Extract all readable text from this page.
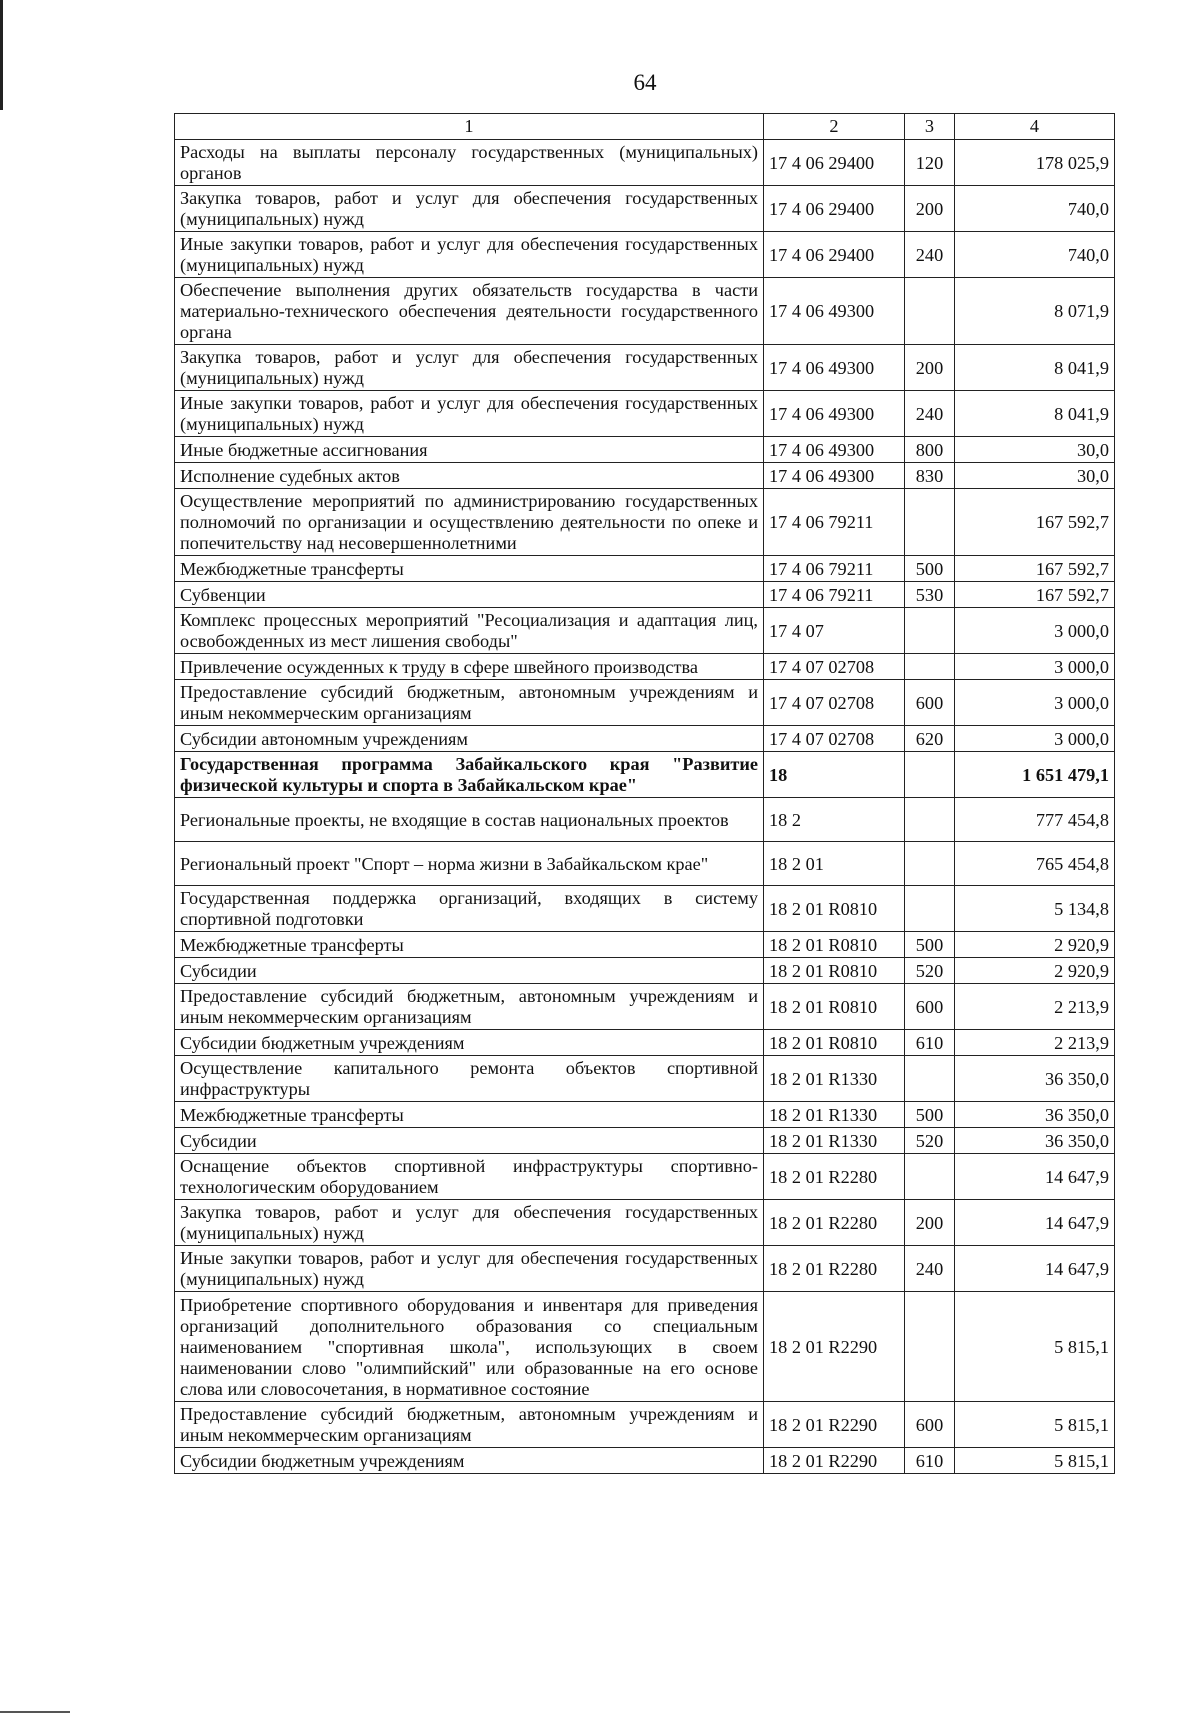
64
1	2	3	4
Расходы на выплаты персоналу государственных (муниципальных) органов	17 4 06 29400	120	178 025,9
Закупка товаров, работ и услуг для обеспечения государственных (муниципальных) нужд	17 4 06 29400	200	740,0
Иные закупки товаров, работ и услуг для обеспечения государственных (муниципальных) нужд	17 4 06 29400	240	740,0
Обеспечение выполнения других обязательств государства в части материально-технического обеспечения деятельности государственного органа	17 4 06 49300		8 071,9
Закупка товаров, работ и услуг для обеспечения государственных (муниципальных) нужд	17 4 06 49300	200	8 041,9
Иные закупки товаров, работ и услуг для обеспечения государственных (муниципальных) нужд	17 4 06 49300	240	8 041,9
Иные бюджетные ассигнования	17 4 06 49300	800	30,0
Исполнение судебных актов	17 4 06 49300	830	30,0
Осуществление мероприятий по администрированию государственных полномочий по организации и осуществлению деятельности по опеке и попечительству над несовершеннолетними	17 4 06 79211		167 592,7
Межбюджетные трансферты	17 4 06 79211	500	167 592,7
Субвенции	17 4 06 79211	530	167 592,7
Комплекс процессных мероприятий "Ресоциализация и адаптация лиц, освобожденных из мест лишения свободы"	17 4 07		3 000,0
Привлечение осужденных к труду в сфере швейного производства	17 4 07 02708		3 000,0
Предоставление субсидий бюджетным, автономным учреждениям и иным некоммерческим организациям	17 4 07 02708	600	3 000,0
Субсидии автономным учреждениям	17 4 07 02708	620	3 000,0
Государственная программа Забайкальского края "Развитие физической культуры и спорта в Забайкальском крае"	18		1 651 479,1
Региональные проекты, не входящие в состав национальных проектов	18 2		777 454,8
Региональный проект "Спорт – норма жизни в Забайкальском крае"	18 2 01		765 454,8
Государственная поддержка организаций, входящих в систему спортивной подготовки	18 2 01 R0810		5 134,8
Межбюджетные трансферты	18 2 01 R0810	500	2 920,9
Субсидии	18 2 01 R0810	520	2 920,9
Предоставление субсидий бюджетным, автономным учреждениям и иным некоммерческим организациям	18 2 01 R0810	600	2 213,9
Субсидии бюджетным учреждениям	18 2 01 R0810	610	2 213,9
Осуществление капитального ремонта объектов спортивной инфраструктуры	18 2 01 R1330		36 350,0
Межбюджетные трансферты	18 2 01 R1330	500	36 350,0
Субсидии	18 2 01 R1330	520	36 350,0
Оснащение объектов спортивной инфраструктуры спортивно-технологическим оборудованием	18 2 01 R2280		14 647,9
Закупка товаров, работ и услуг для обеспечения государственных (муниципальных) нужд	18 2 01 R2280	200	14 647,9
Иные закупки товаров, работ и услуг для обеспечения государственных (муниципальных) нужд	18 2 01 R2280	240	14 647,9
Приобретение спортивного оборудования и инвентаря для приведения организаций дополнительного образования со специальным наименованием "спортивная школа", использующих в своем наименовании слово "олимпийский" или образованные на его основе слова или словосочетания, в нормативное состояние	18 2 01 R2290		5 815,1
Предоставление субсидий бюджетным, автономным учреждениям и иным некоммерческим организациям	18 2 01 R2290	600	5 815,1
Субсидии бюджетным учреждениям	18 2 01 R2290	610	5 815,1
